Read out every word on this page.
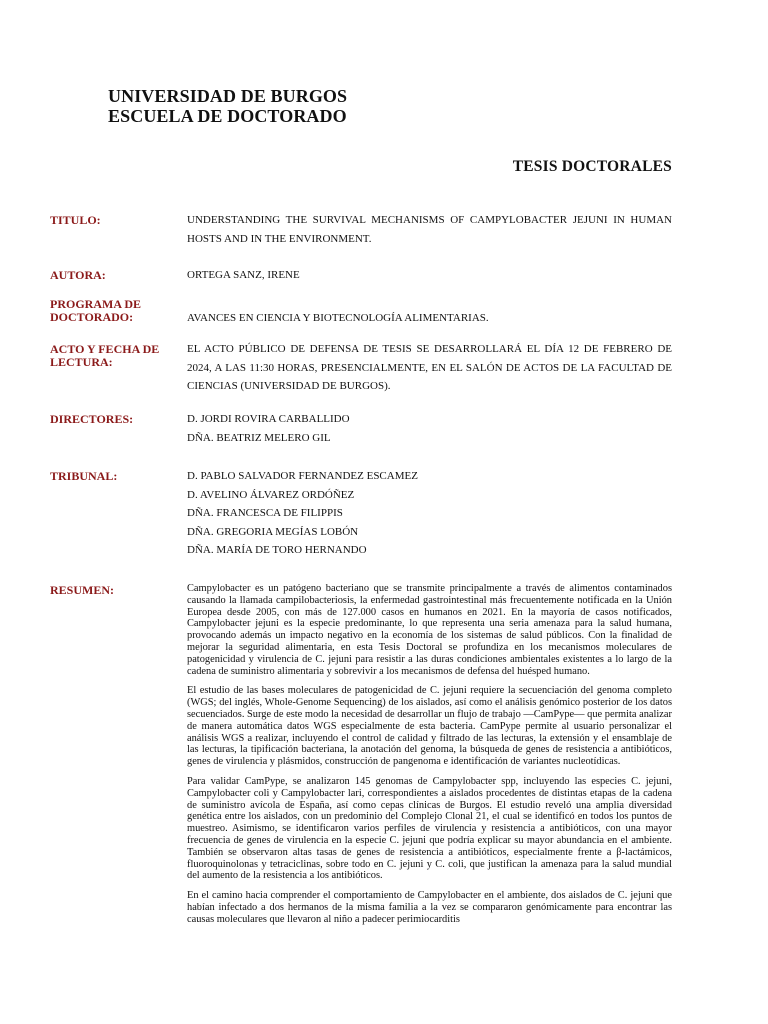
UNIVERSIDAD DE BURGOS
ESCUELA DE DOCTORADO
TESIS DOCTORALES
TITULO:	UNDERSTANDING THE SURVIVAL MECHANISMS OF CAMPYLOBACTER JEJUNI IN HUMAN HOSTS AND IN THE ENVIRONMENT.
AUTORA:	ORTEGA SANZ, IRENE
PROGRAMA DE DOCTORADO:	AVANCES EN CIENCIA Y BIOTECNOLOGÍA ALIMENTARIAS.
ACTO Y FECHA DE LECTURA:
EL ACTO PÚBLICO DE DEFENSA DE TESIS SE DESARROLLARÁ EL DÍA 12 DE FEBRERO DE 2024, A LAS 11:30 HORAS, PRESENCIALMENTE, EN EL SALÓN DE ACTOS DE LA FACULTAD DE CIENCIAS (UNIVERSIDAD DE BURGOS).
DIRECTORES:	D. JORDI ROVIRA CARBALLIDO
DÑA. BEATRIZ MELERO GIL
TRIBUNAL:	D. PABLO SALVADOR FERNANDEZ ESCAMEZ
D. AVELINO ÁLVAREZ ORDÓÑEZ
DÑA. FRANCESCA DE FILIPPIS
DÑA. GREGORIA MEGÍAS LOBÓN
DÑA. MARÍA DE TORO HERNANDO
RESUMEN:	Campylobacter es un patógeno bacteriano que se transmite principalmente a través de alimentos contaminados causando la llamada campilobacteriosis, la enfermedad gastrointestinal más frecuentemente notificada en la Unión Europea desde 2005, con más de 127.000 casos en humanos en 2021. En la mayoría de casos notificados, Campylobacter jejuni es la especie predominante, lo que representa una seria amenaza para la salud humana, provocando además un impacto negativo en la economía de los sistemas de salud públicos. Con la finalidad de mejorar la seguridad alimentaria, en esta Tesis Doctoral se profundiza en los mecanismos moleculares de patogenicidad y virulencia de C. jejuni para resistir a las duras condiciones ambientales existentes a lo largo de la cadena de suministro alimentaria y sobrevivir a los mecanismos de defensa del huésped humano.

El estudio de las bases moleculares de patogenicidad de C. jejuni requiere la secuenciación del genoma completo (WGS; del inglés, Whole-Genome Sequencing) de los aislados, así como el análisis genómico posterior de los datos secuenciados. Surge de este modo la necesidad de desarrollar un flujo de trabajo —CamPype— que permita analizar de manera automática datos WGS especialmente de esta bacteria. CamPype permite al usuario personalizar el análisis WGS a realizar, incluyendo el control de calidad y filtrado de las lecturas, la extensión y el ensamblaje de las lecturas, la tipificación bacteriana, la anotación del genoma, la búsqueda de genes de resistencia a antibióticos, genes de virulencia y plásmidos, construcción de pangenoma e identificación de variantes nucleotídicas.

Para validar CamPype, se analizaron 145 genomas de Campylobacter spp, incluyendo las especies C. jejuni, Campylobacter coli y Campylobacter lari, correspondientes a aislados procedentes de distintas etapas de la cadena de suministro avícola de España, así como cepas clínicas de Burgos. El estudio reveló una amplia diversidad genética entre los aislados, con un predominio del Complejo Clonal 21, el cual se identificó en todos los puntos de muestreo. Asimismo, se identificaron varios perfiles de virulencia y resistencia a antibióticos, con una mayor frecuencia de genes de virulencia en la especie C. jejuni que podría explicar su mayor abundancia en el ambiente. También se observaron altas tasas de genes de resistencia a antibióticos, especialmente frente a β-lactámicos, fluoroquinolonas y tetraciclinas, sobre todo en C. jejuni y C. coli, que justifican la amenaza para la salud mundial del aumento de la resistencia a los antibióticos.

En el camino hacia comprender el comportamiento de Campylobacter en el ambiente, dos aislados de C. jejuni que habían infectado a dos hermanos de la misma familia a la vez se compararon genómicamente para encontrar las causas moleculares que llevaron al niño a padecer perimiocarditis
